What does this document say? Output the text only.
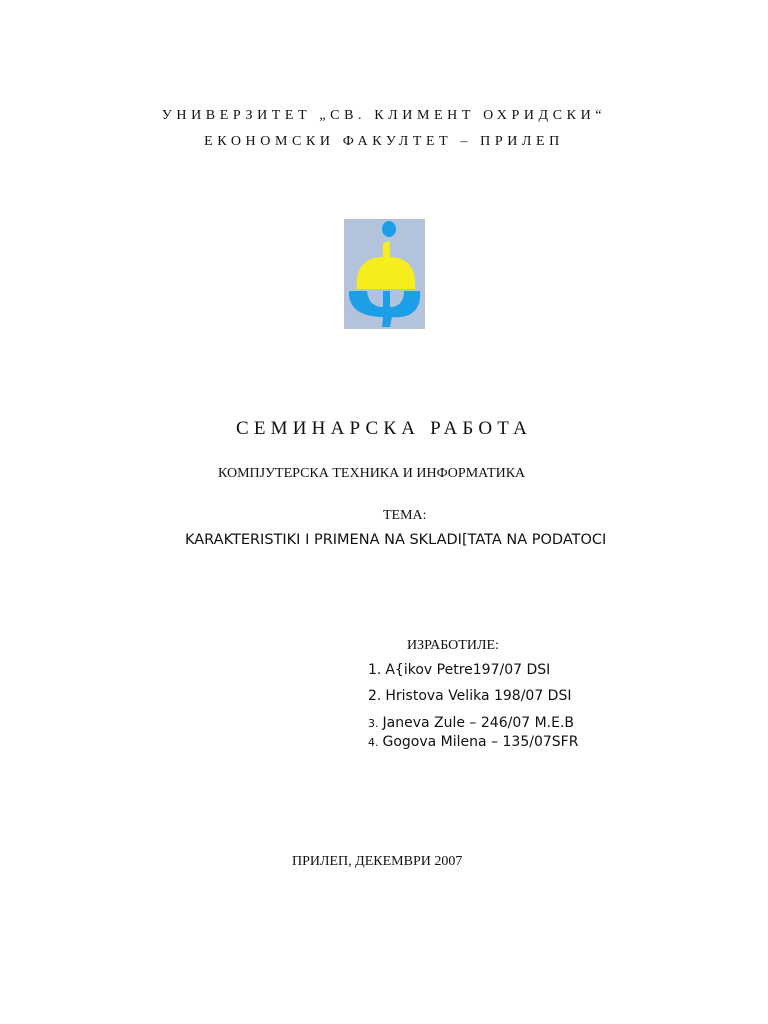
УНИВЕРЗИТЕТ „СВ. КЛИМЕНТ ОХРИДСКИ“
ЕКОНОМСКИ ФАКУЛТЕТ – ПРИЛЕП
СЕМИНАРСКА РАБОТА
КОМПЈУТЕРСКА ТЕХНИКА И ИНФОРМАТИКА
ТЕМА:
KARAKTERISTIKI I PRIMENA NA SKLADI[TATA NA PODATOCI
ИЗРАБОТИЛЕ:
1. A{ikov Petre197/07 DSI
2. Hristova Velika 198/07 DSI
3. Janeva Zule – 246/07 M.E.B
4. Gogova Milena – 135/07SFR
ПРИЛЕП, ДЕКЕМВРИ 2007
